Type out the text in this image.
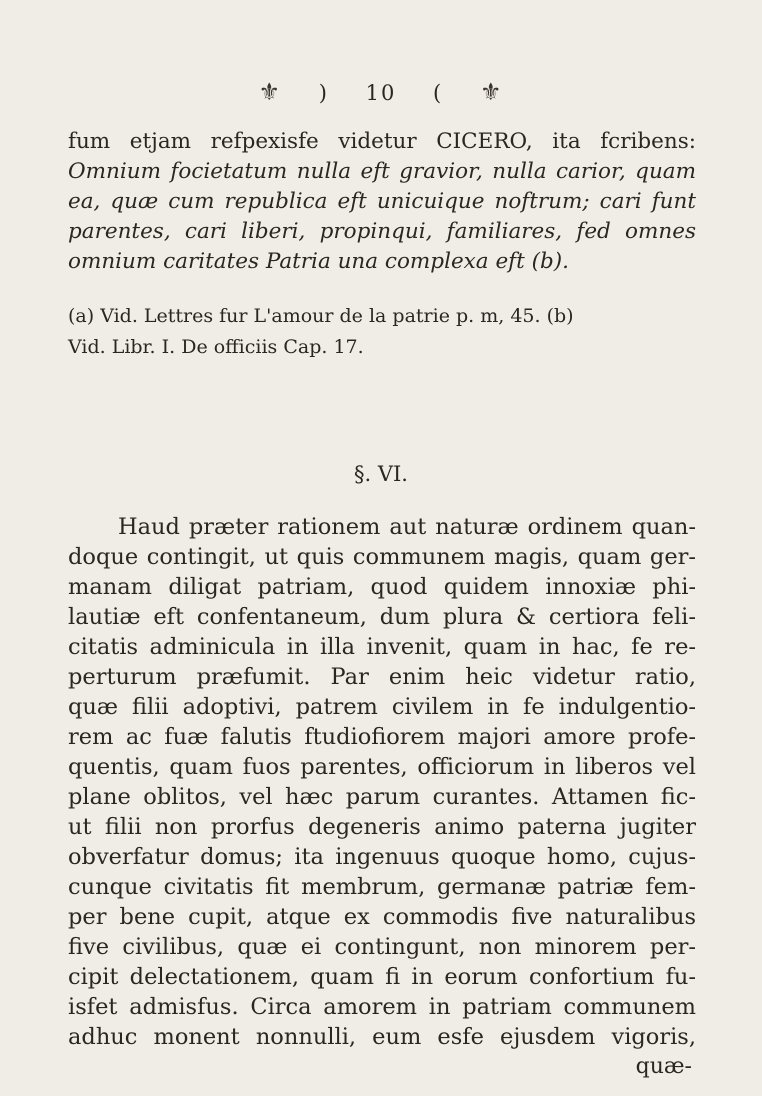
⚜ ) 10 ( ⚜
fum etjam refpexisfe videtur CICERO, ita fcribens:
Omnium focietatum nulla eft gravior, nulla carior, quam
ea, quæ cum republica eft unicuique noftrum; cari funt
parentes, cari liberi, propinqui, familiares, fed omnes
omnium caritates Patria una complexa eft (b).
(a) Vid. Lettres fur L'amour de la patrie p. m, 45. (b)
Vid. Libr. I. De officiis Cap. 17.
§. VI.
Haud præter rationem aut naturæ ordinem quan-
doque contingit, ut quis communem magis, quam ger-
manam diligat patriam, quod quidem innoxiæ phi-
lautiæ eft confentaneum, dum plura & certiora feli-
citatis adminicula in illa invenit, quam in hac, fe re-
perturum præfumit. Par enim heic videtur ratio,
quæ filii adoptivi, patrem civilem in fe indulgentio-
rem ac fuæ falutis ftudiofiorem majori amore profe-
quentis, quam fuos parentes, officiorum in liberos vel
plane oblitos, vel hæc parum curantes. Attamen fic-
ut filii non prorfus degeneris animo paterna jugiter
obverfatur domus; ita ingenuus quoque homo, cujus-
cunque civitatis fit membrum, germanæ patriæ fem-
per bene cupit, atque ex commodis five naturalibus
five civilibus, quæ ei contingunt, non minorem per-
cipit delectationem, quam fi in eorum confortium fu-
isfet admisfus. Circa amorem in patriam communem
adhuc monent nonnulli, eum esfe ejusdem vigoris,
quæ-
